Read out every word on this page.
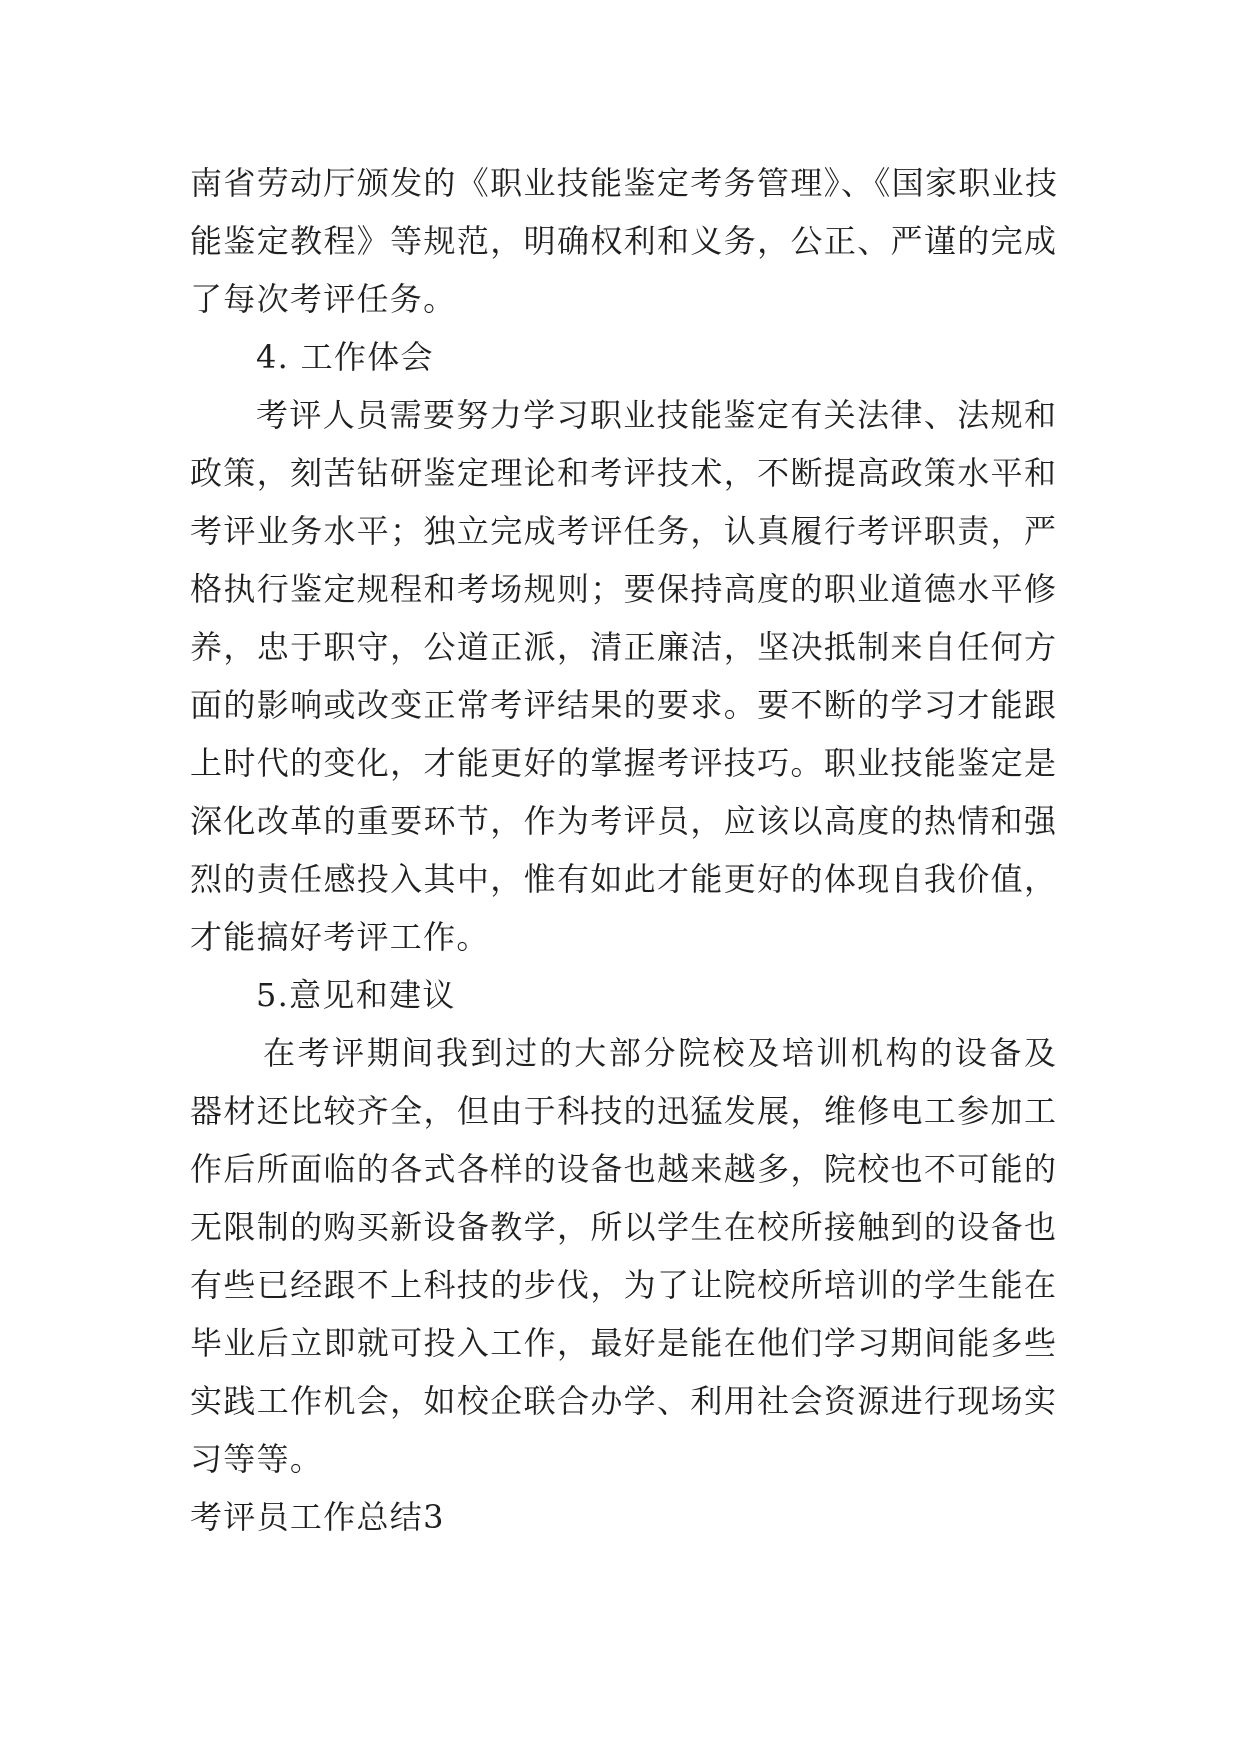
南省劳动厅颁发的《职业技能鉴定考务管理》、《国家职业技
能鉴定教程》等规范，明确权利和义务，公正、严谨的完成
了每次考评任务。
4. 工作体会
考评人员需要努力学习职业技能鉴定有关法律、法规和
政策，刻苦钻研鉴定理论和考评技术，不断提高政策水平和
考评业务水平；独立完成考评任务，认真履行考评职责，严
格执行鉴定规程和考场规则；要保持高度的职业道德水平修
养，忠于职守，公道正派，清正廉洁，坚决抵制来自任何方
面的影响或改变正常考评结果的要求。要不断的学习才能跟
上时代的变化，才能更好的掌握考评技巧。职业技能鉴定是
深化改革的重要环节，作为考评员，应该以高度的热情和强
烈的责任感投入其中，惟有如此才能更好的体现自我价值，
才能搞好考评工作。
5.意见和建议
在考评期间我到过的大部分院校及培训机构的设备及
器材还比较齐全，但由于科技的迅猛发展，维修电工参加工
作后所面临的各式各样的设备也越来越多，院校也不可能的
无限制的购买新设备教学，所以学生在校所接触到的设备也
有些已经跟不上科技的步伐，为了让院校所培训的学生能在
毕业后立即就可投入工作，最好是能在他们学习期间能多些
实践工作机会，如校企联合办学、利用社会资源进行现场实
习等等。
考评员工作总结3
